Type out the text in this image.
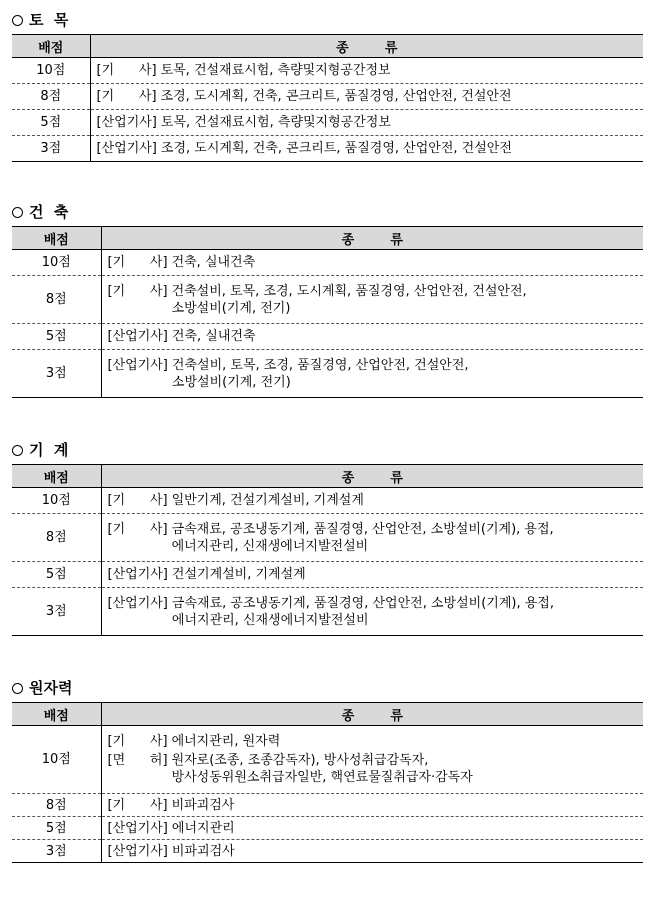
토  목
배점	종        류
10점	[기      사] 토목, 건설재료시험, 측량및지형공간정보

8점	[기      사] 조경, 도시계획, 건축, 콘크리트, 품질경영, 산업안전, 건설안전

5점	[산업기사] 토목, 건설재료시험, 측량및지형공간정보

3점	[산업기사] 조경, 도시계획, 건축, 콘크리트, 품질경영, 산업안전, 건설안전
건  축
배점	종        류
10점	[기      사] 건축, 실내건축

8점	[기      사] 건축설비, 토목, 조경, 도시계획, 품질경영, 산업안전, 건설안전,
소방설비(기계, 전기)

5점	[산업기사] 건축, 실내건축

3점	[산업기사] 건축설비, 토목, 조경, 품질경영, 산업안전, 건설안전,
소방설비(기계, 전기)
기  계
배점	종        류
10점	[기      사] 일반기계, 건설기계설비, 기계설계

8점	[기      사] 금속재료, 공조냉동기계, 품질경영, 산업안전, 소방설비(기계), 용접,
에너지관리, 신재생에너지발전설비

5점	[산업기사] 건설기계설비, 기계설계

3점	[산업기사] 금속재료, 공조냉동기계, 품질경영, 산업안전, 소방설비(기계), 용접,
에너지관리, 신재생에너지발전설비
원자력
배점	종        류
10점	[기      사] 에너지관리, 원자력
[면      허] 원자로(조종, 조종감독자), 방사성취급감독자,
방사성동위원소취급자일반, 핵연료물질취급자·감독자

8점	[기      사] 비파괴검사

5점	[산업기사] 에너지관리

3점	[산업기사] 비파괴검사
